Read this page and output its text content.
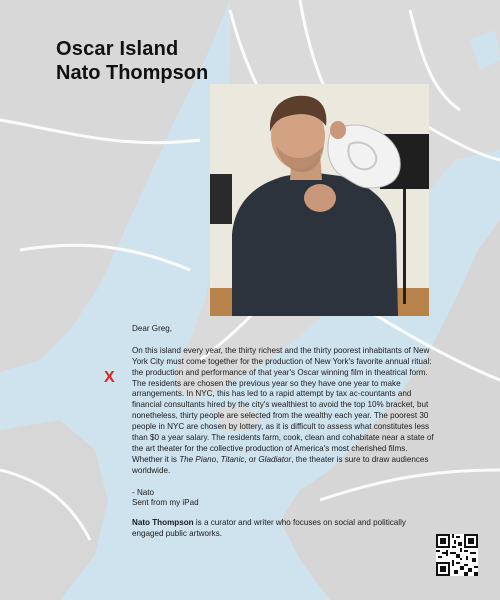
Oscar Island
Nato Thompson
X

Dear Greg,

On this island every year, the thirty richest and the thirty poorest inhabitants of New York City must come together for the production of New York's favorite annual ritual: the production and performance of that year's Oscar winning film in theatrical form. The residents are chosen the previous year so they have one year to make arrangements. In NYC, this has led to a rapid attempt by tax ac-countants and financial consultants hired by the city's wealthiest to avoid the top 10% bracket, but nonetheless, thirty people are selected from the wealthy each year. The poorest 30 people in NYC are chosen by lottery, as it is difficult to assess what constitutes less than $0 a year salary. The residents farm, cook, clean and cohabitate near a state of the art theater for the collective production of America's most cherished films. Whether it is The Piano, Titanic, or Gladiator, the theater is sure to draw audiences worldwide.

- Nato

Sent from my iPad

Nato Thompson is a curator and writer who focuses on social and politically engaged public artworks.
